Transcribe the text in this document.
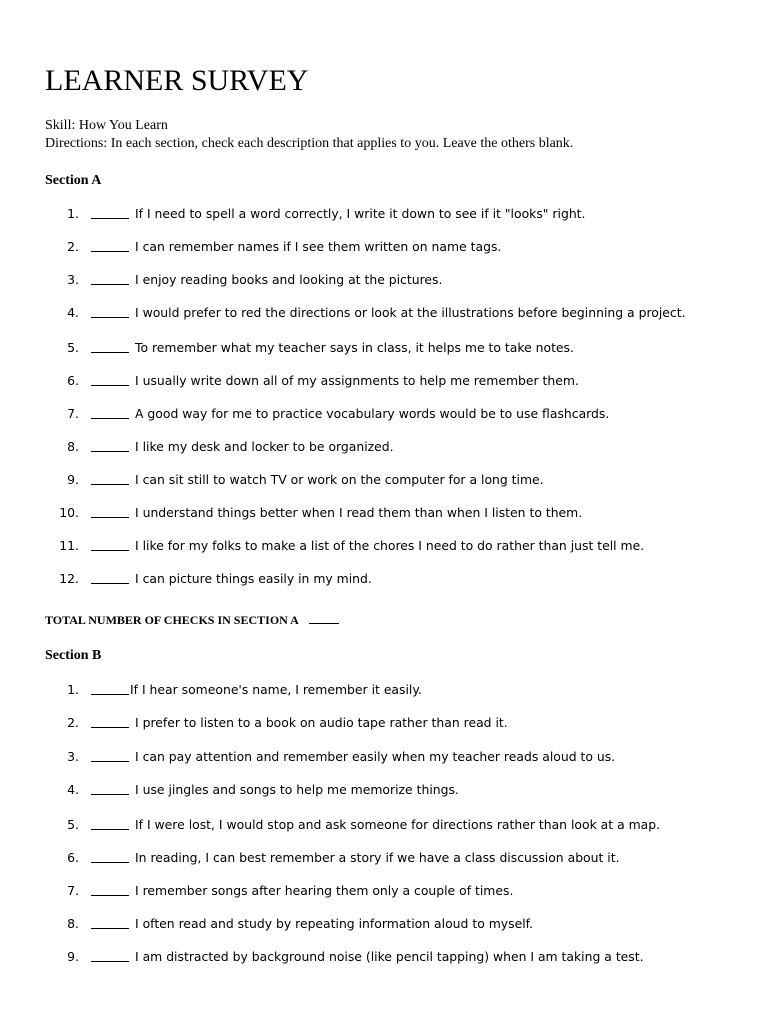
LEARNER SURVEY
Skill: How You Learn
Directions: In each section, check each description that applies to you. Leave the others blank.
Section A
1.	If I need to spell a word correctly, I write it down to see if it "looks" right.
2.	I can remember names if I see them written on name tags.
3.	I enjoy reading books and looking at the pictures.
4.	I would prefer to red the directions or look at the illustrations before beginning a project.
5.	To remember what my teacher says in class, it helps me to take notes.
6.	I usually write down all of my assignments to help me remember them.
7.	A good way for me to practice vocabulary words would be to use flashcards.
8.	I like my desk and locker to be organized.
9.	I can sit still to watch TV or work on the computer for a long time.
10.	I understand things better when I read them than when I listen to them.
11.	I like for my folks to make a list of the chores I need to do rather than just tell me.
12.	I can picture things easily in my mind.
TOTAL NUMBER OF CHECKS IN SECTION A
Section B
1.	If I hear someone's name, I remember it easily.
2.	I prefer to listen to a book on audio tape rather than read it.
3.	I can pay attention and remember easily when my teacher reads aloud to us.
4.	I use jingles and songs to help me memorize things.
5.	If I were lost, I would stop and ask someone for directions rather than look at a map.
6.	In reading, I can best remember a story if we have a class discussion about it.
7.	I remember songs after hearing them only a couple of times.
8.	I often read and study by repeating information aloud to myself.
9.	I am distracted by background noise (like pencil tapping) when I am taking a test.
